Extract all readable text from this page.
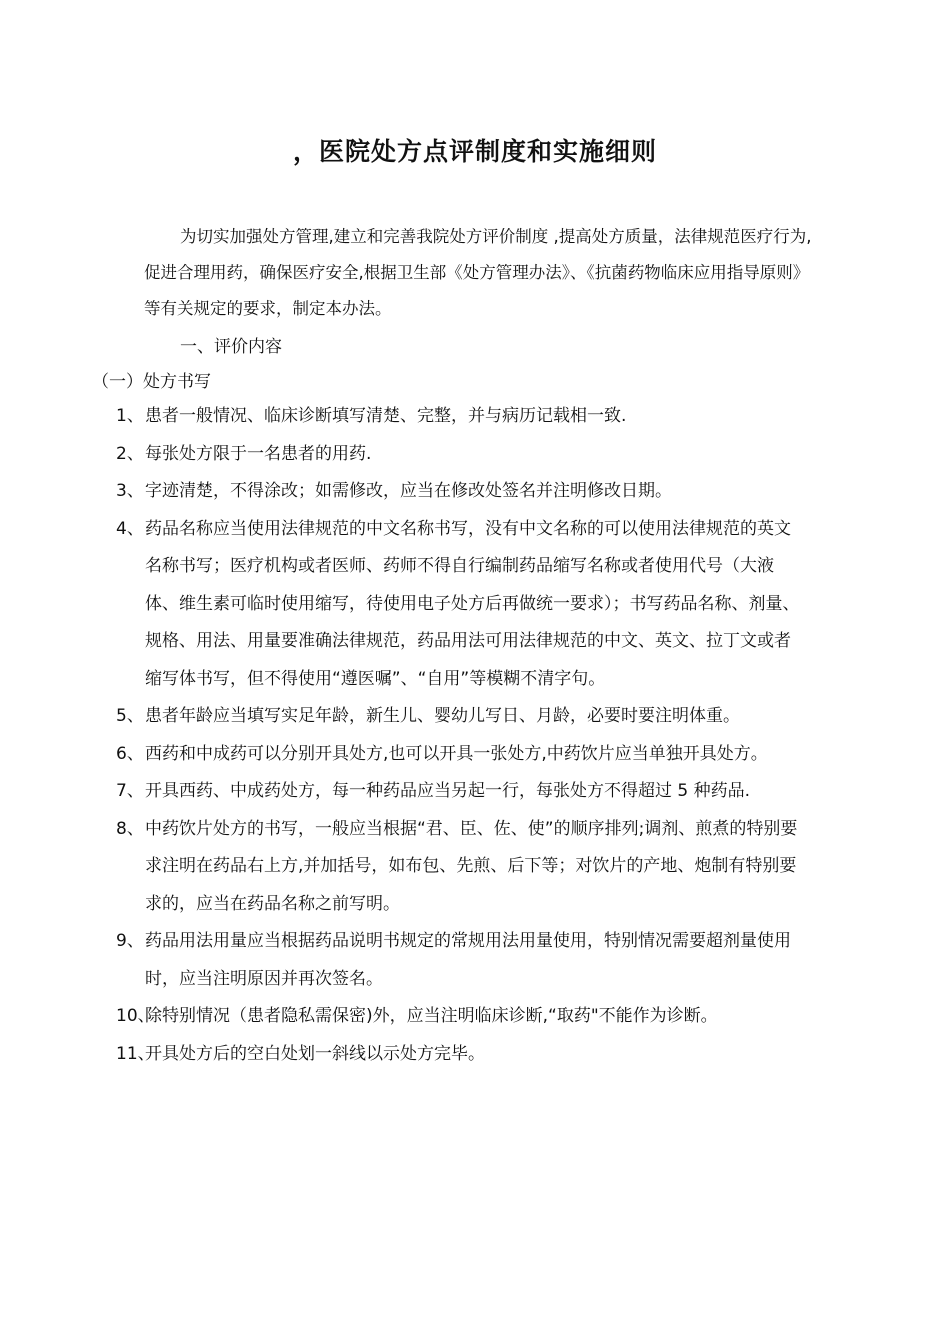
，医院处方点评制度和实施细则
为切实加强处方管理,建立和完善我院处方评价制度 ,提高处方质量，法律规范医疗行为,促进合理用药，确保医疗安全,根据卫生部《处方管理办法》、《抗菌药物临床应用指导原则》等有关规定的要求，制定本办法。
一、评价内容
（一）处方书写
1、 患者一般情况、临床诊断填写清楚、完整，并与病历记载相一致.
2、 每张处方限于一名患者的用药.
3、 字迹清楚，不得涂改；如需修改，应当在修改处签名并注明修改日期。
4、 药品名称应当使用法律规范的中文名称书写，没有中文名称的可以使用法律规范的英文名称书写；医疗机构或者医师、药师不得自行编制药品缩写名称或者使用代号（大液体、维生素可临时使用缩写，待使用电子处方后再做统一要求）；书写药品名称、剂量、规格、用法、用量要准确法律规范，药品用法可用法律规范的中文、英文、拉丁文或者缩写体书写，但不得使用“遵医嘱”、“自用”等模糊不清字句。
5、 患者年龄应当填写实足年龄，新生儿、婴幼儿写日、月龄，必要时要注明体重。
6、 西药和中成药可以分别开具处方,也可以开具一张处方,中药饮片应当单独开具处方。
7、 开具西药、中成药处方，每一种药品应当另起一行，每张处方不得超过 5 种药品.
8、 中药饮片处方的书写，一般应当根据“君、臣、佐、使”的顺序排列;调剂、煎煮的特别要求注明在药品右上方,并加括号，如布包、先煎、后下等；对饮片的产地、炮制有特别要求的，应当在药品名称之前写明。
9、 药品用法用量应当根据药品说明书规定的常规用法用量使用，特别情况需要超剂量使用时，应当注明原因并再次签名。
10、
除特别情况（患者隐私需保密)外，应当注明临床诊断,“取药"不能作为诊断。
11、
开具处方后的空白处划一斜线以示处方完毕。
